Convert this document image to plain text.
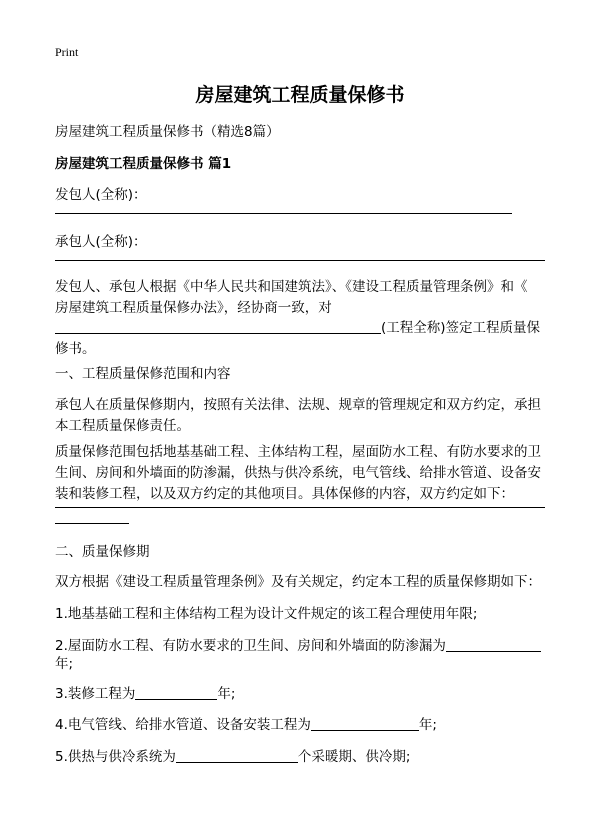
Print
房屋建筑工程质量保修书
房屋建筑工程质量保修书（精选8篇）
房屋建筑工程质量保修书 篇1
发包人(全称)：
承包人(全称)：
发包人、承包人根据《中华人民共和国建筑法》、《建设工程质量管理条例》和《
房屋建筑工程质量保修办法》，经协商一致，对
(工程全称)签定工程质量保
修书。
一、工程质量保修范围和内容
承包人在质量保修期内，按照有关法律、法规、规章的管理规定和双方约定，承担
本工程质量保修责任。
质量保修范围包括地基基础工程、主体结构工程，屋面防水工程、有防水要求的卫
生间、房间和外墙面的防渗漏，供热与供冷系统，电气管线、给排水管道、设备安
装和装修工程，以及双方约定的其他项目。具体保修的内容，双方约定如下：
二、质量保修期
双方根据《建设工程质量管理条例》及有关规定，约定本工程的质量保修期如下：
1.地基基础工程和主体结构工程为设计文件规定的该工程合理使用年限;
2.屋面防水工程、有防水要求的卫生间、房间和外墙面的防渗漏为
年;
3.装修工程为	年;
4.电气管线、给排水管道、设备安装工程为	年;
5.供热与供冷系统为	个采暖期、供冷期;
